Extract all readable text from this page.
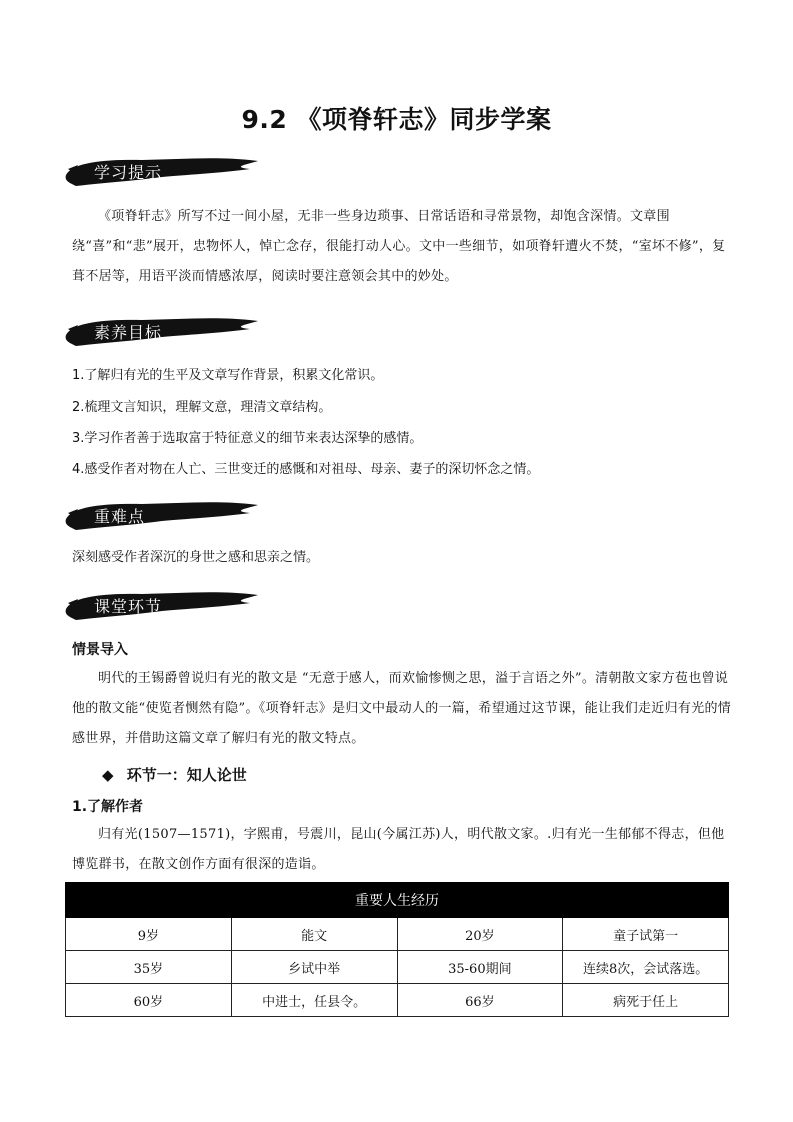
9.2 《项脊轩志》同步学案
学习提示
《项脊轩志》所写不过一间小屋，无非一些身边琐事、日常话语和寻常景物，却饱含深情。文章围绕“喜”和“悲”展开，忠物怀人，悼亡念存，很能打动人心。文中一些细节，如项脊轩遭火不焚，“室坏不修”，复葺不居等，用语平淡而情感浓厚，阅读时要注意领会其中的妙处。
素养目标
1.了解归有光的生平及文章写作背景，积累文化常识。
2.梳理文言知识，理解文意，理清文章结构。
3.学习作者善于选取富于特征意义的细节来表达深挚的感情。
4.感受作者对物在人亡、三世变迁的感慨和对祖母、母亲、妻子的深切怀念之情。
重难点
深刻感受作者深沉的身世之感和思亲之情。
课堂环节
情景导入
明代的王锡爵曾说归有光的散文是 “无意于感人，而欢愉惨恻之思，溢于言语之外”。清朝散文家方苞也曾说他的散文能“使览者恻然有隐”。《项脊轩志》是归文中最动人的一篇，希望通过这节课，能让我们走近归有光的情感世界，并借助这篇文章了解归有光的散文特点。
◆ 环节一：知人论世
1.了解作者
归有光(1507—1571)，字熙甫，号震川，昆山(今属江苏)人，明代散文家。.归有光一生郁郁不得志，但他博览群书，在散文创作方面有很深的造诣。
重要人生经历			
9岁	能文	20岁	童子试第一
35岁	乡试中举	35-60期间	连续8次，会试落选。
60岁	中进士，任县令。	66岁	病死于任上
